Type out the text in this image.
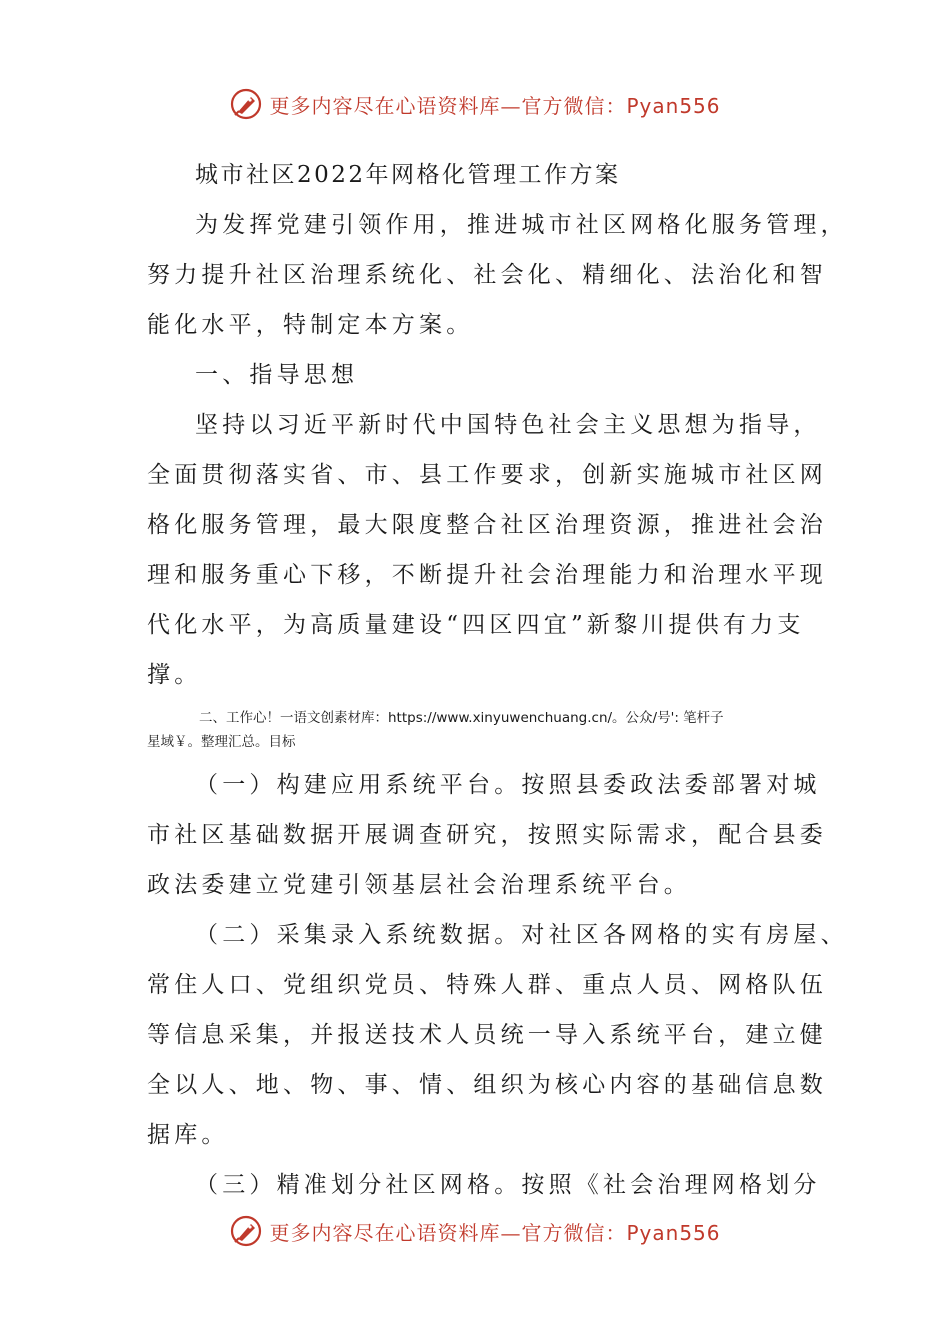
更多内容尽在心语资料库—官方微信：Pyan556

城市社区2022年网格化管理工作方案

为发挥党建引领作用，推进城市社区网格化服务管理，

努力提升社区治理系统化、社会化、精细化、法治化和智

能化水平，特制定本方案。

一、指导思想

坚持以习近平新时代中国特色社会主义思想为指导，

全面贯彻落实省、市、县工作要求，创新实施城市社区网

格化服务管理，最大限度整合社区治理资源，推进社会治

理和服务重心下移，不断提升社会治理能力和治理水平现

代化水平，为高质量建设“四区四宜”新黎川提供有力支

撑。

二、工作心！一语文创素材库：https://www.xinyuwenchuang.cn/。公众/号': 笔杆子

星域￥。整理汇总。目标

（一）构建应用系统平台。按照县委政法委部署对城

市社区基础数据开展调查研究，按照实际需求，配合县委

政法委建立党建引领基层社会治理系统平台。

（二）采集录入系统数据。对社区各网格的实有房屋、

常住人口、党组织党员、特殊人群、重点人员、网格队伍

等信息采集，并报送技术人员统一导入系统平台，建立健

全以人、地、物、事、情、组织为核心内容的基础信息数

据库。

（三）精准划分社区网格。按照《社会治理网格划分

更多内容尽在心语资料库—官方微信：Pyan556
